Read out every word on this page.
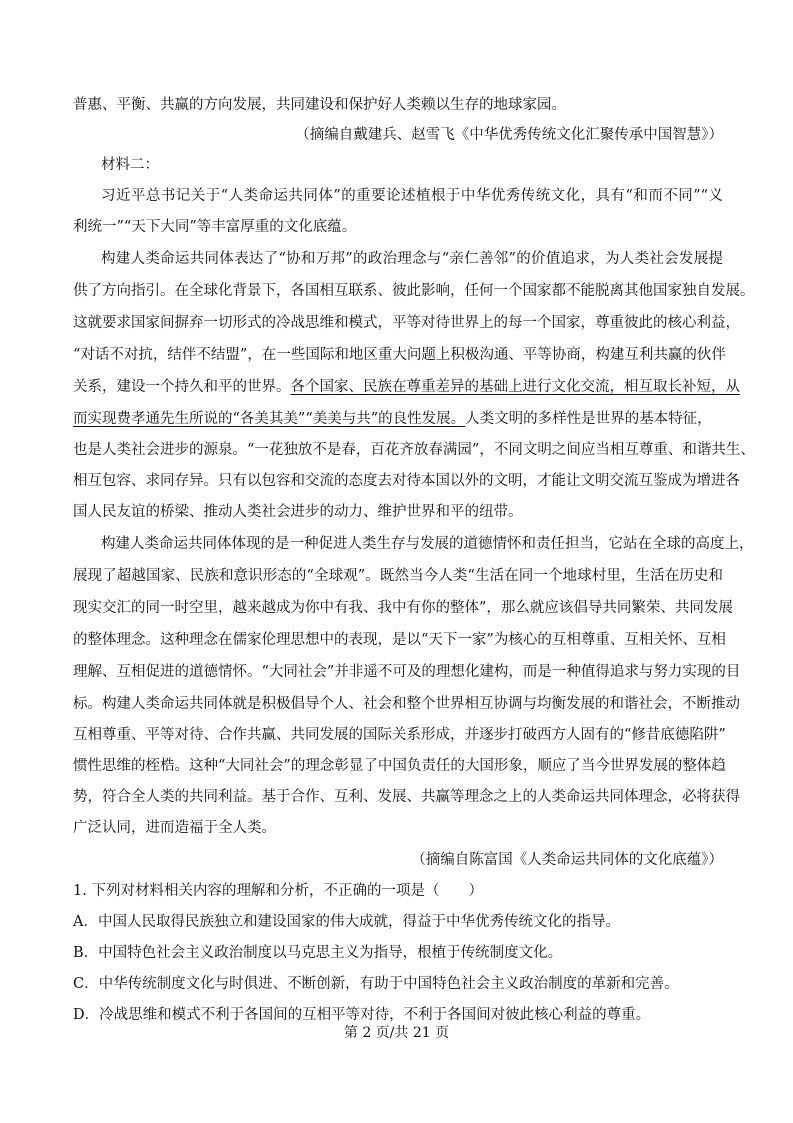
普惠、平衡、共赢的方向发展，共同建设和保护好人类赖以生存的地球家园。
（摘编自戴建兵、赵雪飞《中华优秀传统文化汇聚传承中国智慧》）
材料二：
习近平总书记关于“人类命运共同体”的重要论述植根于中华优秀传统文化，具有“和而不同”“义
利统一”“天下大同”等丰富厚重的文化底蕴。
构建人类命运共同体表达了“协和万邦”的政治理念与“亲仁善邻”的价值追求，为人类社会发展提
供了方向指引。在全球化背景下，各国相互联系、彼此影响，任何一个国家都不能脱离其他国家独自发展。
这就要求国家间摒弃一切形式的冷战思维和模式，平等对待世界上的每一个国家，尊重彼此的核心利益，
“对话不对抗，结伴不结盟”，在一些国际和地区重大问题上积极沟通、平等协商，构建互利共赢的伙伴
关系，建设一个持久和平的世界。各个国家、民族在尊重差异的基础上进行文化交流，相互取长补短，从
而实现费孝通先生所说的“各美其美”“美美与共”的良性发展。人类文明的多样性是世界的基本特征，
也是人类社会进步的源泉。“一花独放不是春，百花齐放春满园”，不同文明之间应当相互尊重、和谐共生、
相互包容、求同存异。只有以包容和交流的态度去对待本国以外的文明，才能让文明交流互鉴成为增进各
国人民友谊的桥梁、推动人类社会进步的动力、维护世界和平的纽带。
构建人类命运共同体体现的是一种促进人类生存与发展的道德情怀和责任担当，它站在全球的高度上，
展现了超越国家、民族和意识形态的“全球观”。既然当今人类“生活在同一个地球村里，生活在历史和
现实交汇的同一时空里，越来越成为你中有我、我中有你的整体”，那么就应该倡导共同繁荣、共同发展
的整体理念。这种理念在儒家伦理思想中的表现，是以“天下一家”为核心的互相尊重、互相关怀、互相
理解、互相促进的道德情怀。“大同社会”并非遥不可及的理想化建构，而是一种值得追求与努力实现的目
标。构建人类命运共同体就是积极倡导个人、社会和整个世界相互协调与均衡发展的和谐社会，不断推动
互相尊重、平等对待、合作共赢、共同发展的国际关系形成，并逐步打破西方人固有的“修昔底德陷阱”
惯性思维的桎梏。这种“大同社会”的理念彰显了中国负责任的大国形象，顺应了当今世界发展的整体趋
势，符合全人类的共同利益。基于合作、互利、发展、共赢等理念之上的人类命运共同体理念，必将获得
广泛认同，进而造福于全人类。
（摘编自陈富国《人类命运共同体的文化底蕴》）
1. 下列对材料相关内容的理解和分析，不正确的一项是（　　）
A．中国人民取得民族独立和建设国家的伟大成就，得益于中华优秀传统文化的指导。
B．中国特色社会主义政治制度以马克思主义为指导，根植于传统制度文化。
C．中华传统制度文化与时俱进、不断创新，有助于中国特色社会主义政治制度的革新和完善。
D．冷战思维和模式不利于各国间的互相平等对待，不利于各国间对彼此核心利益的尊重。
第 2 页/共 21 页
